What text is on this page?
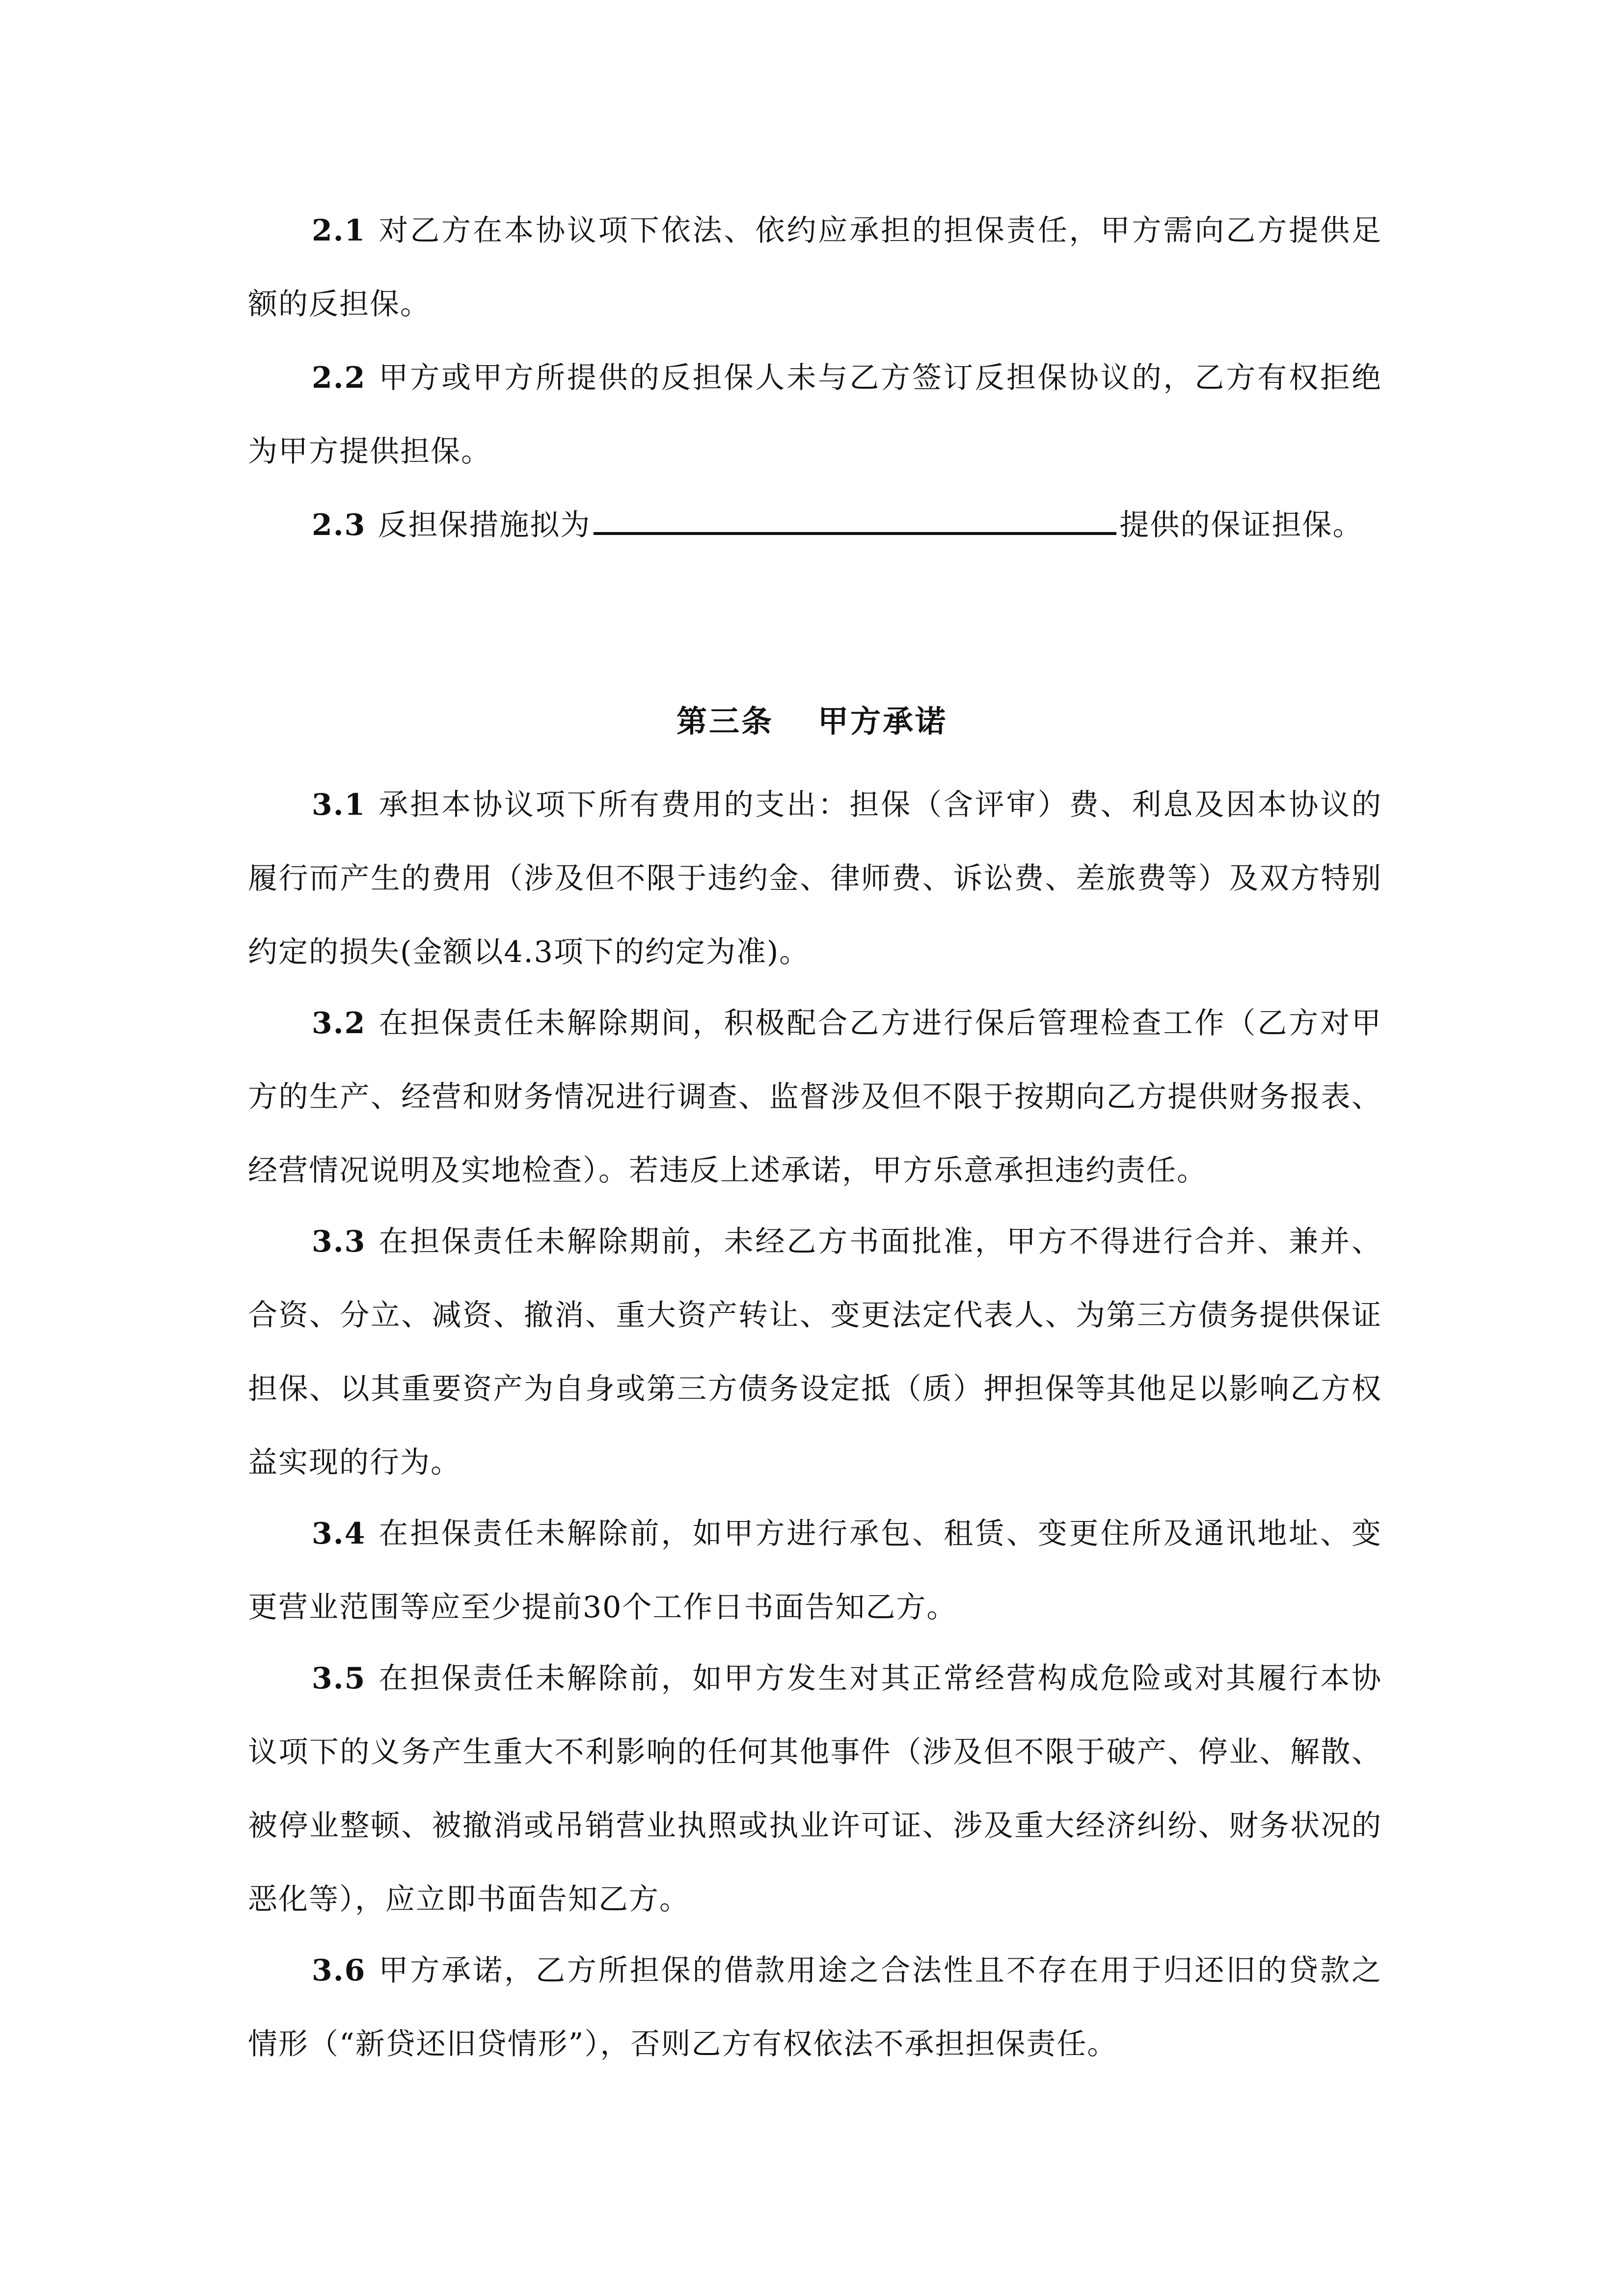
2.1 对乙方在本协议项下依法、依约应承担的担保责任，甲方需向乙方提供足额的反担保。

2.2 甲方或甲方所提供的反担保人未与乙方签订反担保协议的，乙方有权拒绝为甲方提供担保。

2.3 反担保措施拟为	提供的保证担保。

第三条 甲方承诺

3.1 承担本协议项下所有费用的支出：担保（含评审）费、利息及因本协议的履行而产生的费用（涉及但不限于违约金、律师费、诉讼费、差旅费等）及双方特别约定的损失(金额以4.3项下的约定为准)。

3.2 在担保责任未解除期间，积极配合乙方进行保后管理检查工作（乙方对甲方的生产、经营和财务情况进行调查、监督涉及但不限于按期向乙方提供财务报表、经营情况说明及实地检查）。若违反上述承诺，甲方乐意承担违约责任。

3.3 在担保责任未解除期前，未经乙方书面批准，甲方不得进行合并、兼并、合资、分立、减资、撤消、重大资产转让、变更法定代表人、为第三方债务提供保证担保、以其重要资产为自身或第三方债务设定抵（质）押担保等其他足以影响乙方权益实现的行为。

3.4 在担保责任未解除前，如甲方进行承包、租赁、变更住所及通讯地址、变更营业范围等应至少提前30个工作日书面告知乙方。

3.5 在担保责任未解除前，如甲方发生对其正常经营构成危险或对其履行本协议项下的义务产生重大不利影响的任何其他事件（涉及但不限于破产、停业、解散、被停业整顿、被撤消或吊销营业执照或执业许可证、涉及重大经济纠纷、财务状况的恶化等），应立即书面告知乙方。

3.6 甲方承诺，乙方所担保的借款用途之合法性且不存在用于归还旧的贷款之情形（“新贷还旧贷情形”），否则乙方有权依法不承担担保责任。
